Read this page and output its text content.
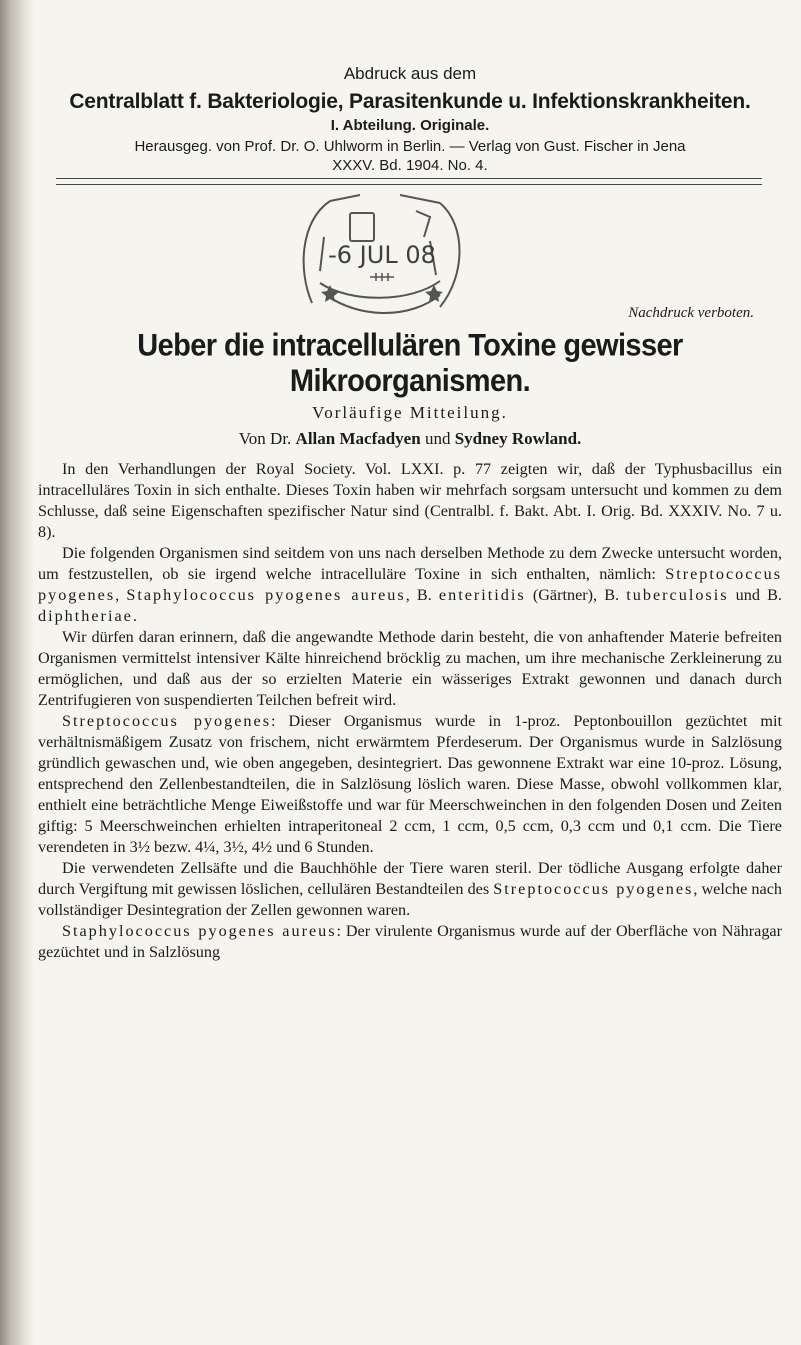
Abdruck aus dem
Centralblatt f. Bakteriologie, Parasitenkunde u. Infektionskrankheiten.
I. Abteilung. Originale.
Herausgeg. von Prof. Dr. O. Uhlworm in Berlin. — Verlag von Gust. Fischer in Jena
XXXV. Bd. 1904. No. 4.
-6 JUL 08
Nachdruck verboten.
Ueber die intracellulären Toxine gewisser Mikroorganismen.
Vorläufige Mitteilung.
Von Dr. Allan Macfadyen und Sydney Rowland.

In den Verhandlungen der Royal Society. Vol. LXXI. p. 77 zeigten wir, daß der Typhusbacillus ein intracelluläres Toxin in sich enthalte. Dieses Toxin haben wir mehrfach sorgsam untersucht und kommen zu dem Schlusse, daß seine Eigenschaften spezifischer Natur sind (Centralbl. f. Bakt. Abt. I. Orig. Bd. XXXIV. No. 7 u. 8).

Die folgenden Organismen sind seitdem von uns nach derselben Methode zu dem Zwecke untersucht worden, um festzustellen, ob sie irgend welche intracelluläre Toxine in sich enthalten, nämlich: Streptococcus pyogenes, Staphylococcus pyogenes aureus, B. enteritidis (Gärtner), B. tuberculosis und B. diphtheriae.

Wir dürfen daran erinnern, daß die angewandte Methode darin besteht, die von anhaftender Materie befreiten Organismen vermittelst intensiver Kälte hinreichend bröcklig zu machen, um ihre mechanische Zerkleinerung zu ermöglichen, und daß aus der so erzielten Materie ein wässeriges Extrakt gewonnen und danach durch Zentrifugieren von suspendierten Teilchen befreit wird.

Streptococcus pyogenes: Dieser Organismus wurde in 1-proz. Peptonbouillon gezüchtet mit verhältnismäßigem Zusatz von frischem, nicht erwärmtem Pferdeserum. Der Organismus wurde in Salzlösung gründlich gewaschen und, wie oben angegeben, desintegriert. Das gewonnene Extrakt war eine 10-proz. Lösung, entsprechend den Zellenbestandteilen, die in Salzlösung löslich waren. Diese Masse, obwohl vollkommen klar, enthielt eine beträchtliche Menge Eiweißstoffe und war für Meerschweinchen in den folgenden Dosen und Zeiten giftig: 5 Meerschweinchen erhielten intraperitoneal 2 ccm, 1 ccm, 0,5 ccm, 0,3 ccm und 0,1 ccm. Die Tiere verendeten in 3½ bezw. 4¼, 3½, 4½ und 6 Stunden.

Die verwendeten Zellsäfte und die Bauchhöhle der Tiere waren steril. Der tödliche Ausgang erfolgte daher durch Vergiftung mit gewissen löslichen, cellulären Bestandteilen des Streptococcus pyogenes, welche nach vollständiger Desintegration der Zellen gewonnen waren.

Staphylococcus pyogenes aureus: Der virulente Organismus wurde auf der Oberfläche von Nähragar gezüchtet und in Salzlösung
